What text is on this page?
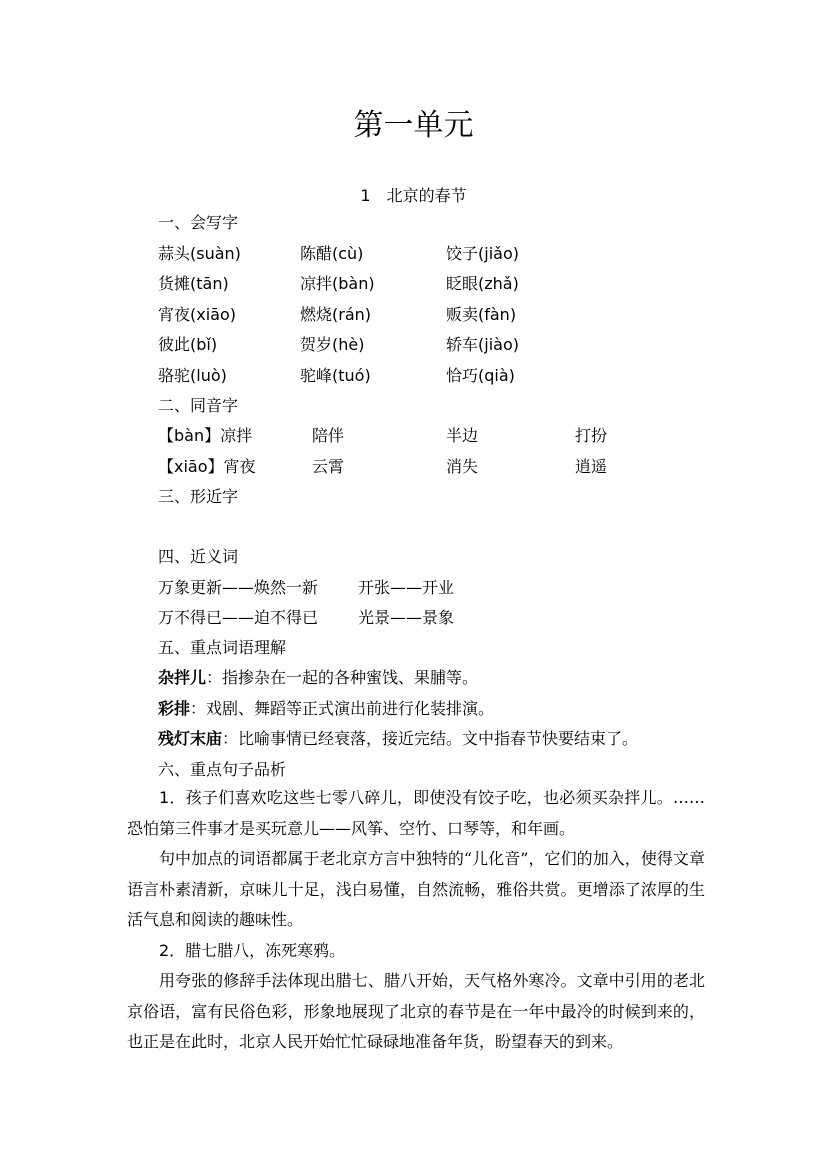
第一单元
1　北京的春节
一、会写字
蒜头(suàn)	陈醋(cù)	饺子(jiǎo)
货摊(tān)	凉拌(bàn)	眨眼(zhǎ)
宵夜(xiāo)	燃烧(rán)	贩卖(fàn)
彼此(bǐ)	贺岁(hè)	轿车(jiào)
骆驼(luò)	驼峰(tuó)	恰巧(qià)
二、同音字
【bàn】凉拌	陪伴	半边	打扮
【xiāo】宵夜	云霄	消失	逍遥
三、形近字
四、近义词
万象更新——焕然一新 开张——开业
万不得已——迫不得已 光景——景象
五、重点词语理解
杂拌儿：指掺杂在一起的各种蜜饯、果脯等。
彩排：戏剧、舞蹈等正式演出前进行化装排演。
残灯末庙：比喻事情已经衰落，接近完结。文中指春节快要结束了。
六、重点句子品析
1．孩子们喜欢吃这些七零八碎儿，即使没有饺子吃，也必须买杂拌儿。……恐怕第三件事才是买玩意儿——风筝、空竹、口琴等，和年画。
句中加点的词语都属于老北京方言中独特的“儿化音”，它们的加入，使得文章语言朴素清新，京味儿十足，浅白易懂，自然流畅，雅俗共赏。更增添了浓厚的生活气息和阅读的趣味性。
2．腊七腊八，冻死寒鸦。
用夸张的修辞手法体现出腊七、腊八开始，天气格外寒冷。文章中引用的老北京俗语，富有民俗色彩，形象地展现了北京的春节是在一年中最冷的时候到来的，也正是在此时，北京人民开始忙忙碌碌地准备年货，盼望春天的到来。
